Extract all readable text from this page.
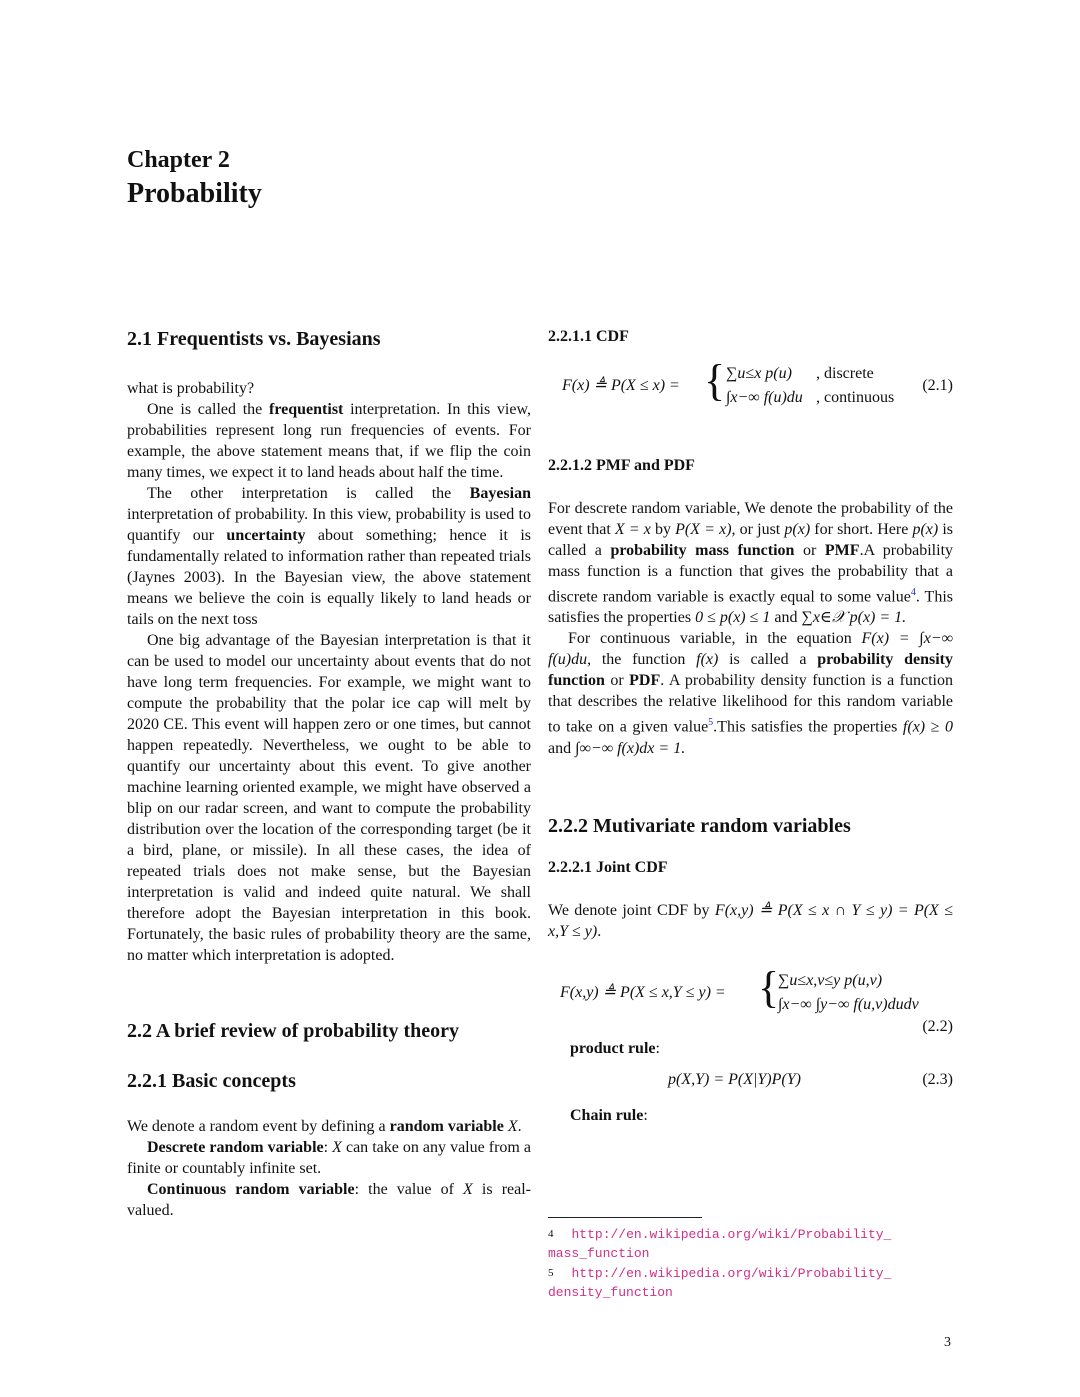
Chapter 2
Probability
2.1 Frequentists vs. Bayesians

what is probability?

One is called the frequentist interpretation. In this view, probabilities represent long run frequencies of events. For example, the above statement means that, if we flip the coin many times, we expect it to land heads about half the time.

The other interpretation is called the Bayesian interpretation of probability. In this view, probability is used to quantify our uncertainty about something; hence it is fundamentally related to information rather than repeated trials (Jaynes 2003). In the Bayesian view, the above statement means we believe the coin is equally likely to land heads or tails on the next toss

One big advantage of the Bayesian interpretation is that it can be used to model our uncertainty about events that do not have long term frequencies. For example, we might want to compute the probability that the polar ice cap will melt by 2020 CE. This event will happen zero or one times, but cannot happen repeatedly. Nevertheless, we ought to be able to quantify our uncertainty about this event. To give another machine learning oriented example, we might have observed a blip on our radar screen, and want to compute the probability distribution over the location of the corresponding target (be it a bird, plane, or missile). In all these cases, the idea of repeated trials does not make sense, but the Bayesian interpretation is valid and indeed quite natural. We shall therefore adopt the Bayesian interpretation in this book. Fortunately, the basic rules of probability theory are the same, no matter which interpretation is adopted.

2.2 A brief review of probability theory
2.2.1 Basic concepts

We denote a random event by defining a random variable X.

Descrete random variable: X can take on any value from a finite or countably infinite set.

Continuous random variable: the value of X is real-valued.

2.2.1.1 CDF
F(x) ≜ P(X ≤ x) = { ∑u≤x p(u) , discrete
∫x−∞ f(u)du , continuous
(2.1)
2.2.1.2 PMF and PDF

For descrete random variable, We denote the probability of the event that X = x by P(X = x), or just p(x) for short. Here p(x) is called a probability mass function or PMF.A probability mass function is a function that gives the probability that a discrete random variable is exactly equal to some value$^4$. This satisfies the properties 0 ≤ p(x) ≤ 1 and ∑x∈𝒳 p(x) = 1.

For continuous variable, in the equation F(x) = ∫x−∞ f(u)du, the function f(x) is called a probability density function or PDF. A probability density function is a function that describes the relative likelihood for this random variable to take on a given value$^5$.This satisfies the properties f(x) ≥ 0 and ∫∞−∞ f(x)dx = 1.

2.2.2 Mutivariate random variables
2.2.2.1 Joint CDF

We denote joint CDF by F(x,y) ≜ P(X ≤ x ∩ Y ≤ y) = P(X ≤ x,Y ≤ y).

F(x,y) ≜ P(X ≤ x,Y ≤ y) = {
∑u≤x,v≤y p(u,v)
∫x−∞ ∫y−∞ f(u,v)dudv
(2.2)
product rule:
p(X,Y) = P(X|Y)P(Y)	(2.3)
Chain rule:
$^4$ http://en.wikipedia.org/wiki/Probability_
mass_function
$^5$ http://en.wikipedia.org/wiki/Probability_
density_function
3
